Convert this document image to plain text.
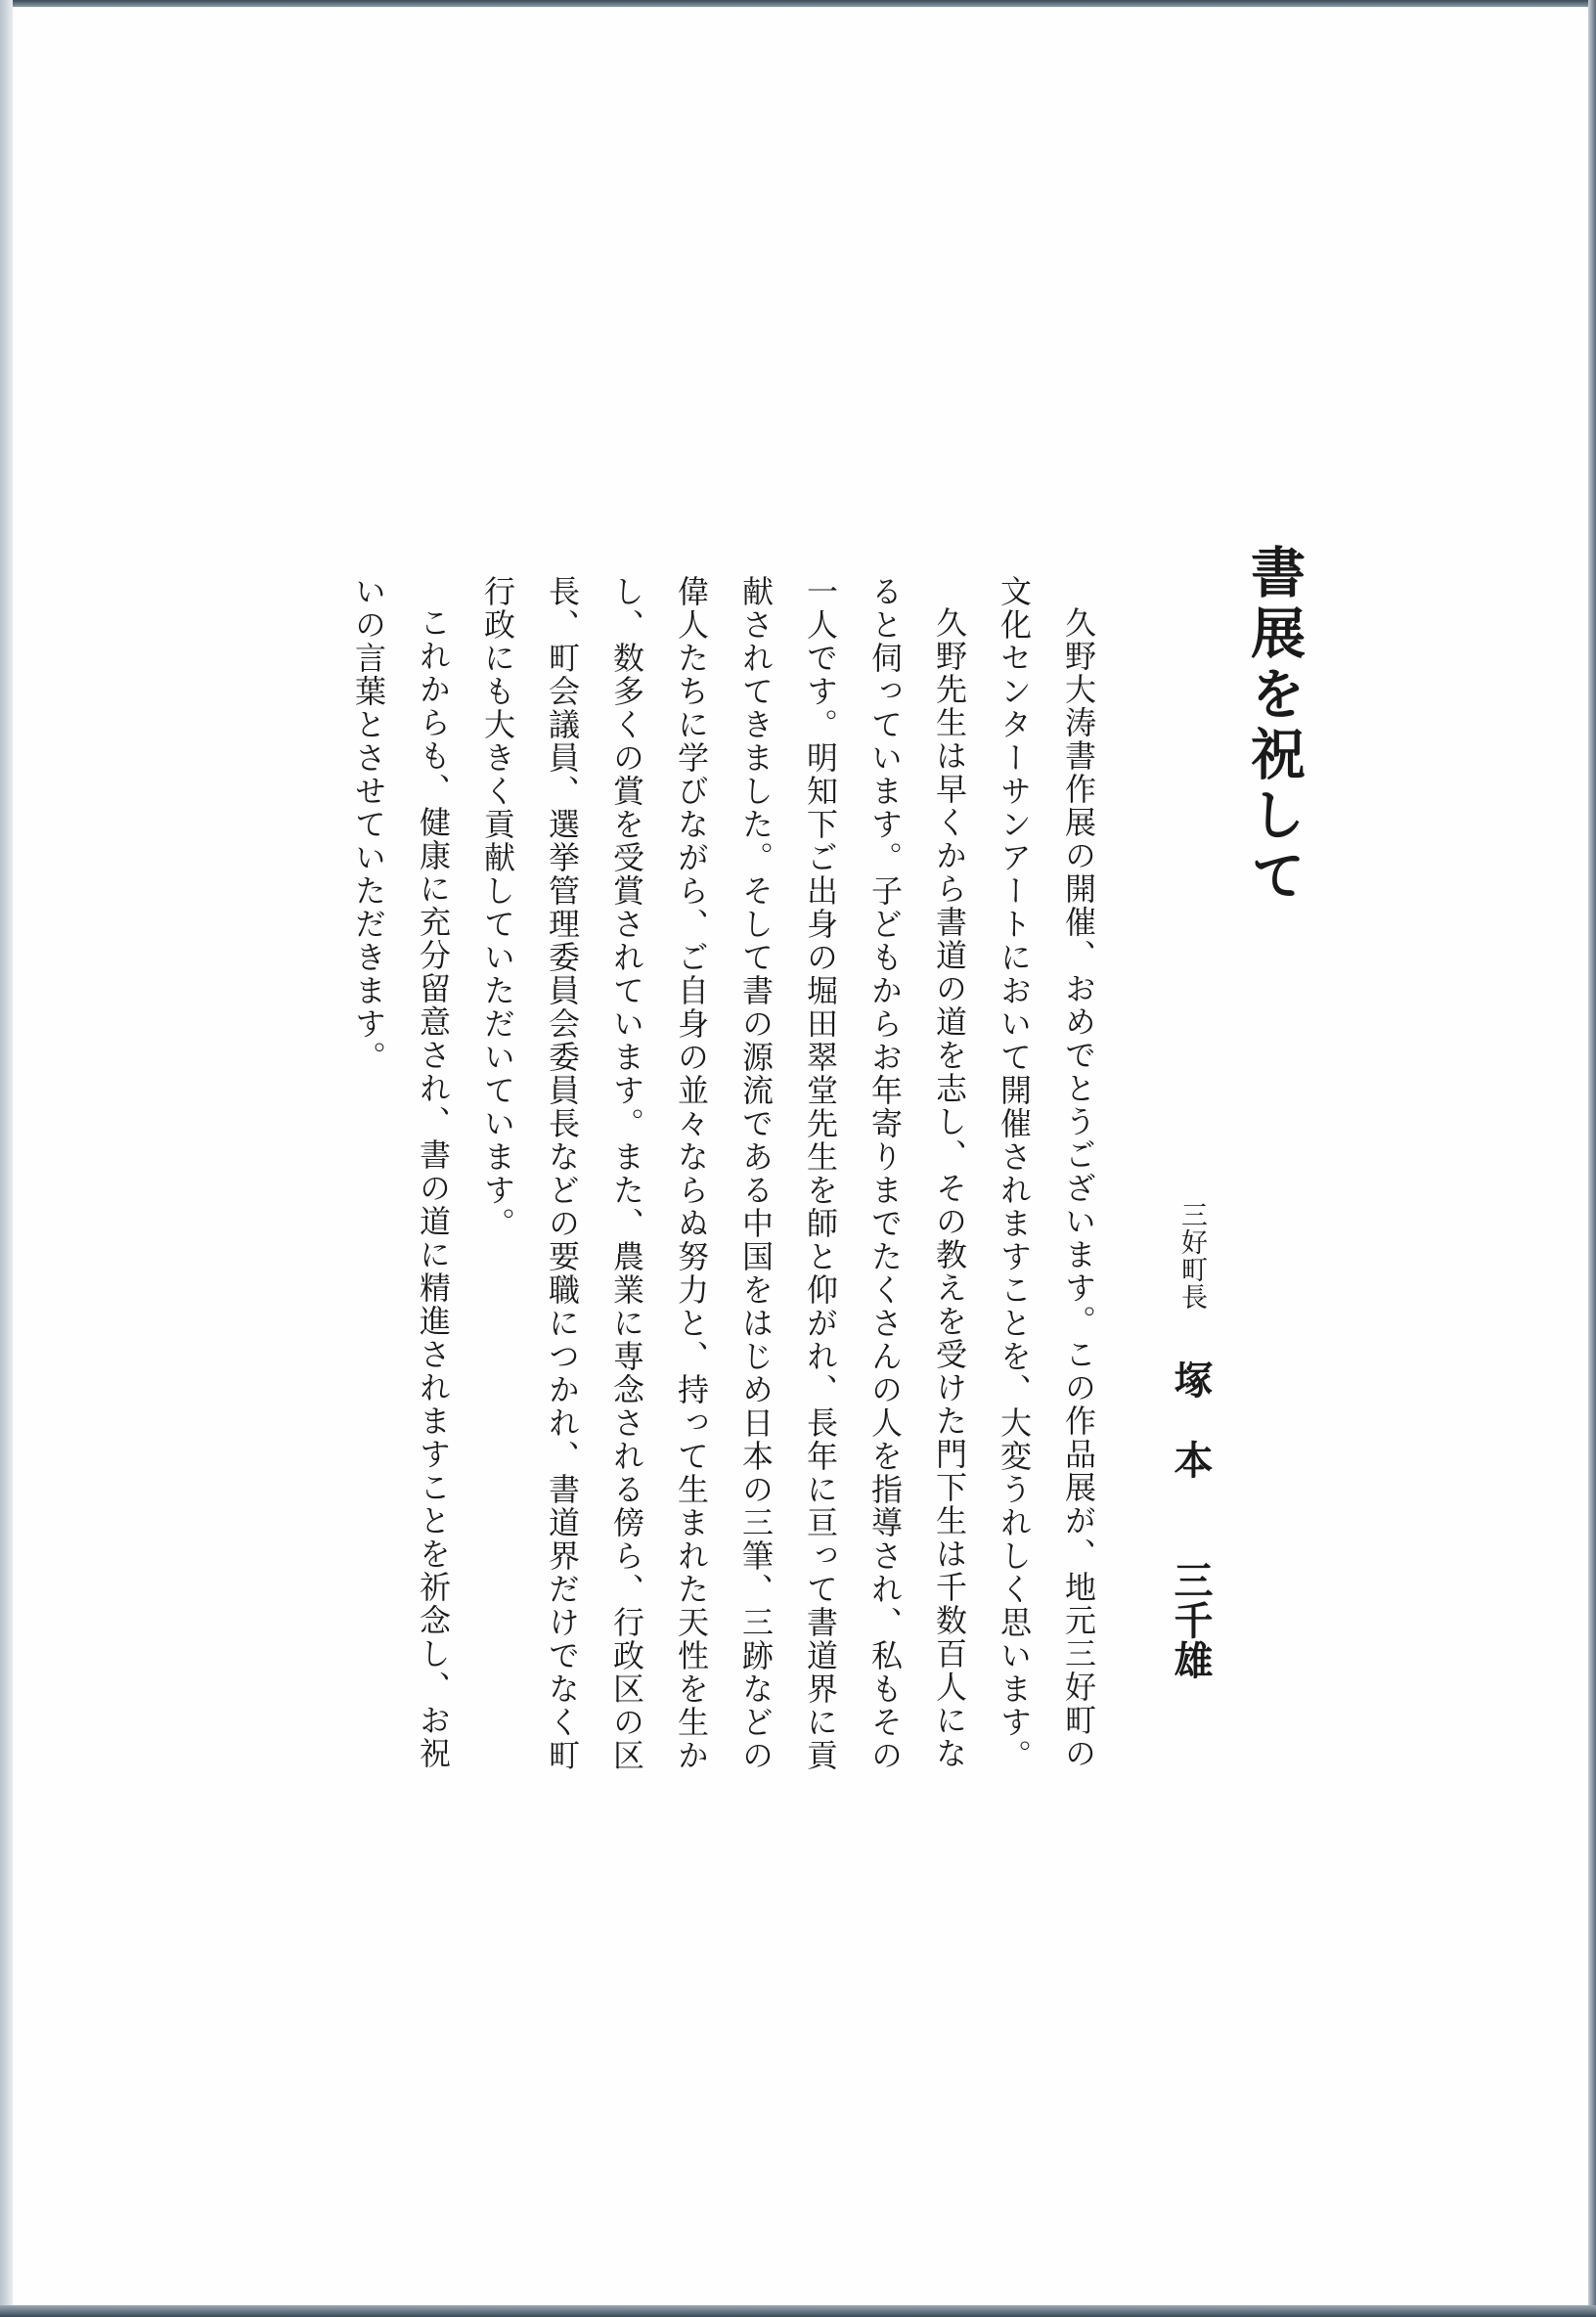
書展を祝して
三好町長
塚　本　　三千雄

久野大涛書作展の開催、おめでとうございます。この作品展が、地元三好町の文化センターサンアートにおいて開催されますことを、大変うれしく思います。

久野先生は早くから書道の道を志し、その教えを受けた門下生は千数百人になると伺っています。子どもからお年寄りまでたくさんの人を指導され、私もその一人です。明知下ご出身の堀田翠堂先生を師と仰がれ、長年に亘って書道界に貢献されてきました。そして書の源流である中国をはじめ日本の三筆、三跡などの偉人たちに学びながら、ご自身の並々ならぬ努力と、持って生まれた天性を生かし、数多くの賞を受賞されています。また、農業に専念される傍ら、行政区の区長、町会議員、選挙管理委員会委員長などの要職につかれ、書道界だけでなく町行政にも大きく貢献していただいています。

これからも、健康に充分留意され、書の道に精進されますことを祈念し、お祝いの言葉とさせていただきます。
